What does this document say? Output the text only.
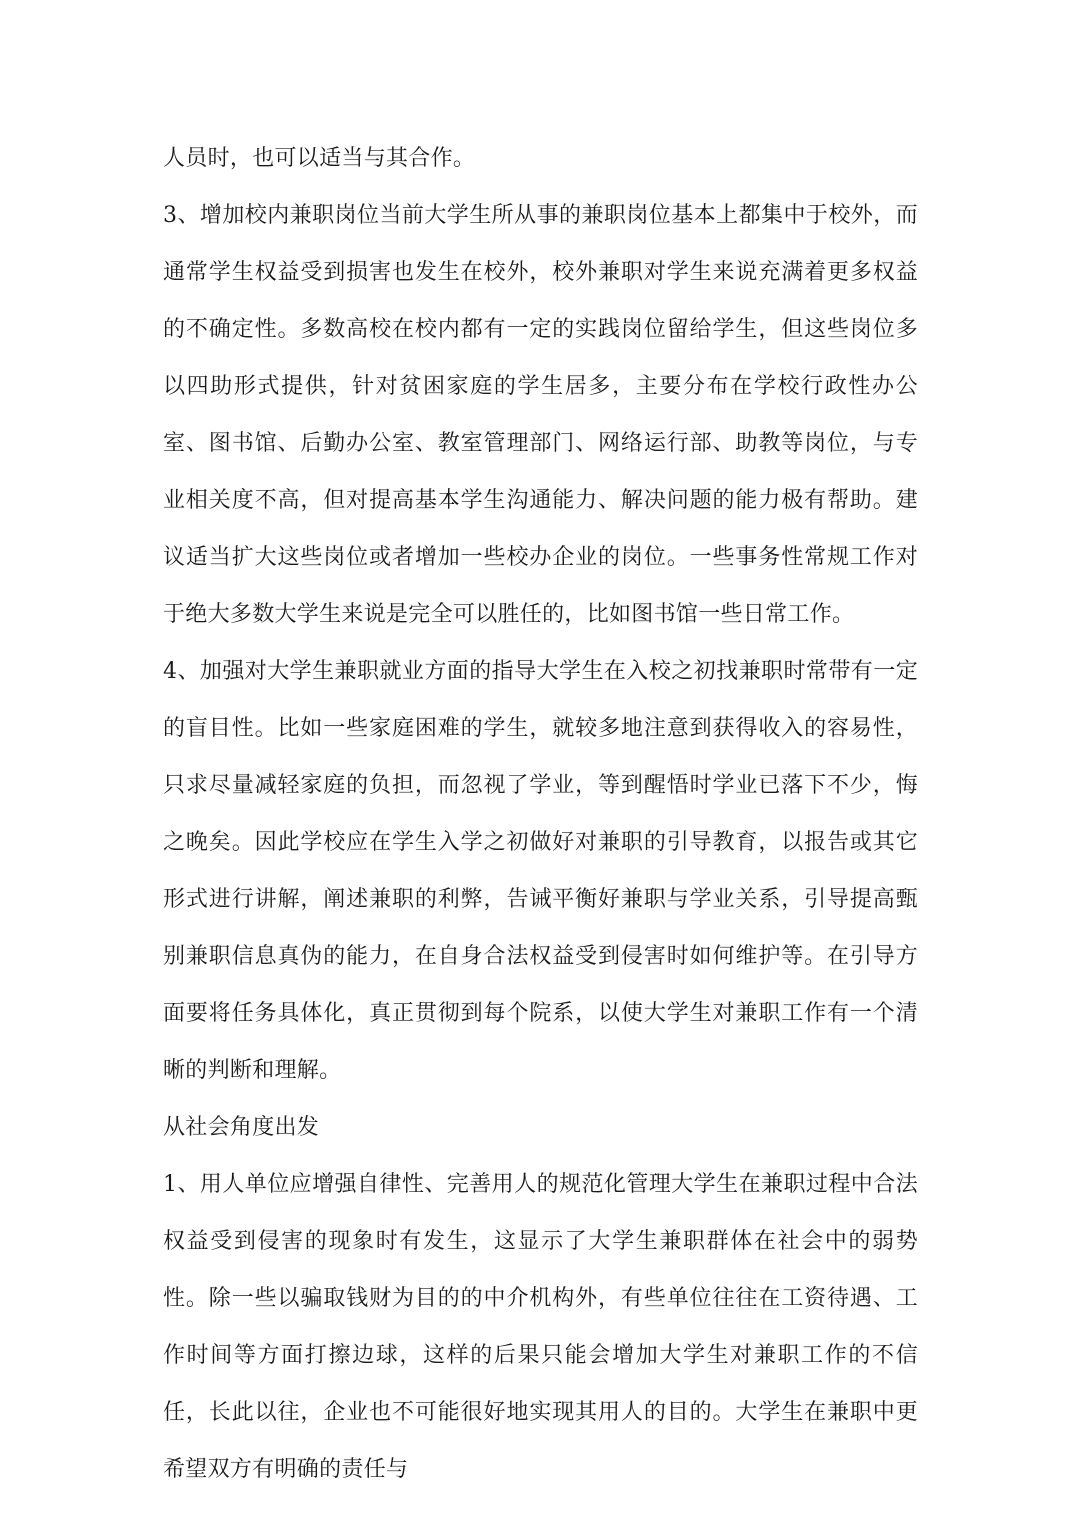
人员时，也可以适当与其合作。

3、增加校内兼职岗位当前大学生所从事的兼职岗位基本上都集中于校外，而通常学生权益受到损害也发生在校外，校外兼职对学生来说充满着更多权益的不确定性。多数高校在校内都有一定的实践岗位留给学生，但这些岗位多以四助形式提供，针对贫困家庭的学生居多，主要分布在学校行政性办公室、图书馆、后勤办公室、教室管理部门、网络运行部、助教等岗位，与专业相关度不高，但对提高基本学生沟通能力、解决问题的能力极有帮助。建议适当扩大这些岗位或者增加一些校办企业的岗位。一些事务性常规工作对于绝大多数大学生来说是完全可以胜任的，比如图书馆一些日常工作。

4、加强对大学生兼职就业方面的指导大学生在入校之初找兼职时常带有一定的盲目性。比如一些家庭困难的学生，就较多地注意到获得收入的容易性，只求尽量减轻家庭的负担，而忽视了学业，等到醒悟时学业已落下不少，悔之晚矣。因此学校应在学生入学之初做好对兼职的引导教育，以报告或其它形式进行讲解，阐述兼职的利弊，告诫平衡好兼职与学业关系，引导提高甄别兼职信息真伪的能力，在自身合法权益受到侵害时如何维护等。在引导方面要将任务具体化，真正贯彻到每个院系，以使大学生对兼职工作有一个清晰的判断和理解。

从社会角度出发

1、用人单位应增强自律性、完善用人的规范化管理大学生在兼职过程中合法权益受到侵害的现象时有发生，这显示了大学生兼职群体在社会中的弱势性。除一些以骗取钱财为目的的中介机构外，有些单位往往在工资待遇、工作时间等方面打擦边球，这样的后果只能会增加大学生对兼职工作的不信任，长此以往，企业也不可能很好地实现其用人的目的。大学生在兼职中更希望双方有明确的责任与
